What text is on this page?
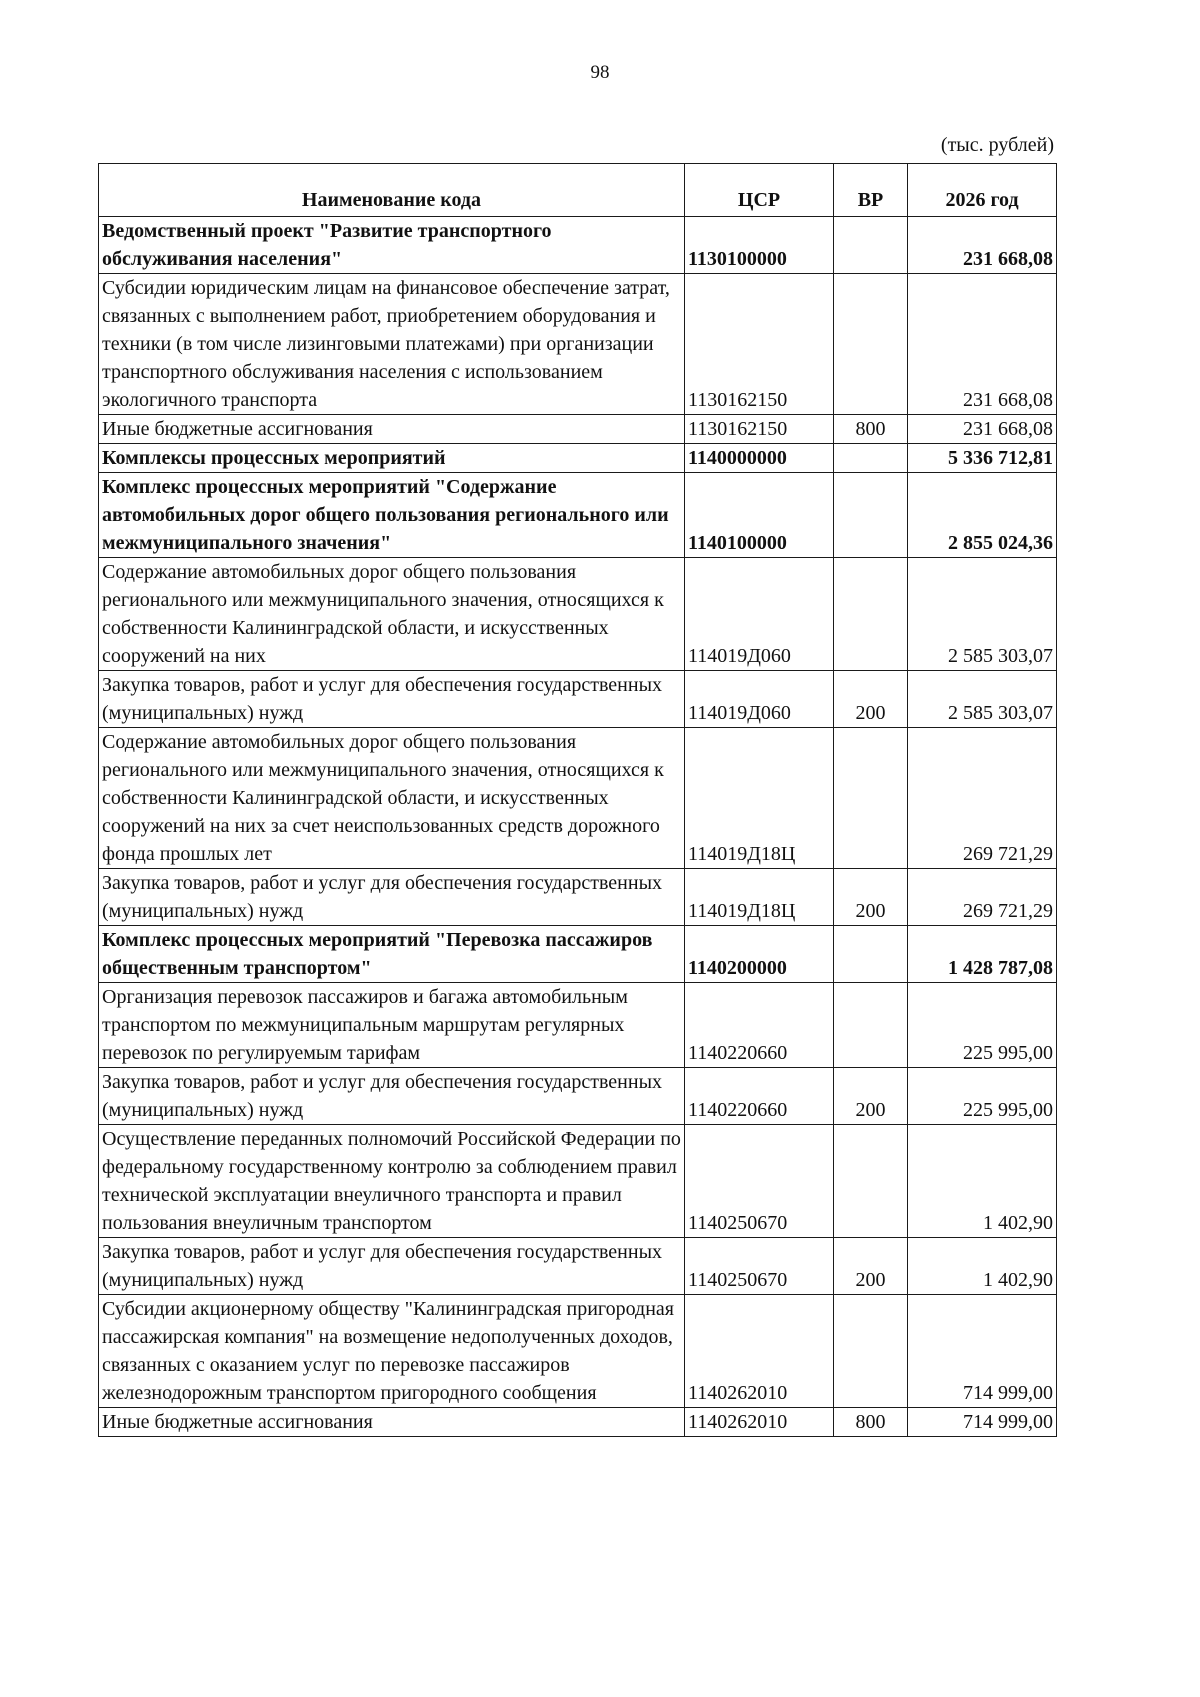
98
(тыс. рублей)
Наименование кода	ЦСР	ВР	2026 год
Ведомственный проект "Развитие транспортного обслуживания населения"	1130100000		231 668,08
Субсидии юридическим лицам на финансовое обеспечение затрат, связанных с выполнением работ, приобретением оборудования и техники (в том числе лизинговыми платежами) при организации транспортного обслуживания населения с использованием экологичного транспорта	1130162150		231 668,08
Иные бюджетные ассигнования	1130162150	800	231 668,08
Комплексы процессных мероприятий	1140000000		5 336 712,81
Комплекс процессных мероприятий "Содержание автомобильных дорог общего пользования регионального или межмуниципального значения"	1140100000		2 855 024,36
Содержание автомобильных дорог общего пользования регионального или межмуниципального значения, относящихся к собственности Калининградской области, и искусственных сооружений на них	114019Д060		2 585 303,07
Закупка товаров, работ и услуг для обеспечения государственных (муниципальных) нужд	114019Д060	200	2 585 303,07
Содержание автомобильных дорог общего пользования регионального или межмуниципального значения, относящихся к собственности Калининградской области, и искусственных сооружений на них за счет неиспользованных средств дорожного фонда прошлых лет	114019Д18Ц		269 721,29
Закупка товаров, работ и услуг для обеспечения государственных (муниципальных) нужд	114019Д18Ц	200	269 721,29
Комплекс процессных мероприятий "Перевозка пассажиров общественным транспортом"	1140200000		1 428 787,08
Организация перевозок пассажиров и багажа автомобильным транспортом по межмуниципальным маршрутам регулярных перевозок по регулируемым тарифам	1140220660		225 995,00
Закупка товаров, работ и услуг для обеспечения государственных (муниципальных) нужд	1140220660	200	225 995,00
Осуществление переданных полномочий Российской Федерации по федеральному государственному контролю за соблюдением правил технической эксплуатации внеуличного транспорта и правил пользования внеуличным транспортом	1140250670		1 402,90
Закупка товаров, работ и услуг для обеспечения государственных (муниципальных) нужд	1140250670	200	1 402,90
Субсидии акционерному обществу "Калининградская пригородная пассажирская компания" на возмещение недополученных доходов, связанных с оказанием услуг по перевозке пассажиров железнодорожным транспортом пригородного сообщения	1140262010		714 999,00
Иные бюджетные ассигнования	1140262010	800	714 999,00
